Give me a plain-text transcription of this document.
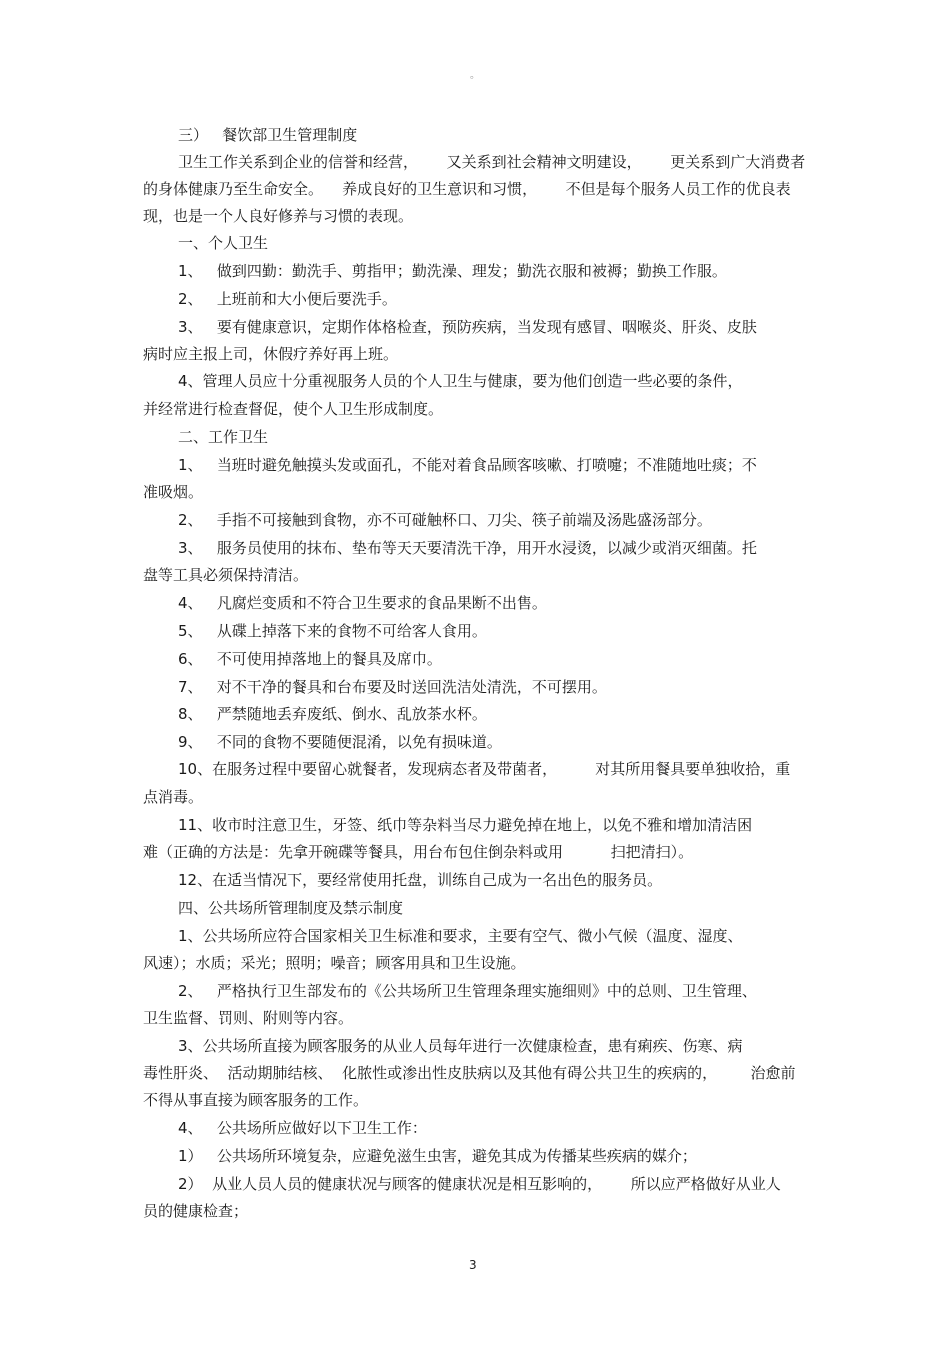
。
三）   餐饮部卫生管理制度
卫生工作关系到企业的信誉和经营，      又关系到社会精神文明建设，      更关系到广大消费者
的身体健康乃至生命安全。    养成良好的卫生意识和习惯，      不但是每个服务人员工作的优良表
现，也是一个人良好修养与习惯的表现。
一、个人卫生
1、   做到四勤：勤洗手、剪指甲；勤洗澡、理发；勤洗衣服和被褥；勤换工作服。
2、   上班前和大小便后要洗手。
3、   要有健康意识，定期作体格检查，预防疾病，当发现有感冒、咽喉炎、肝炎、皮肤
病时应主报上司，休假疗养好再上班。
4、管理人员应十分重视服务人员的个人卫生与健康，要为他们创造一些必要的条件，
并经常进行检查督促，使个人卫生形成制度。
二、工作卫生
1、   当班时避免触摸头发或面孔，不能对着食品顾客咳嗽、打喷嚏；不准随地吐痰；不
准吸烟。
2、   手指不可接触到食物，亦不可碰触杯口、刀尖、筷子前端及汤匙盛汤部分。
3、   服务员使用的抹布、垫布等天天要清洗干净，用开水浸烫，以减少或消灭细菌。托
盘等工具必须保持清洁。
4、   凡腐烂变质和不符合卫生要求的食品果断不出售。
5、   从碟上掉落下来的食物不可给客人食用。
6、   不可使用掉落地上的餐具及席巾。
7、   对不干净的餐具和台布要及时送回洗洁处清洗，不可摆用。
8、   严禁随地丢弃废纸、倒水、乱放茶水杯。
9、   不同的食物不要随便混淆，以免有损味道。
10、在服务过程中要留心就餐者，发现病态者及带菌者，        对其所用餐具要单独收拾，重
点消毒。
11、收市时注意卫生，牙签、纸巾等杂料当尽力避免掉在地上，以免不雅和增加清洁困
难（正确的方法是：先拿开碗碟等餐具，用台布包住倒杂料或用          扫把清扫）。
12、在适当情况下，要经常使用托盘，训练自己成为一名出色的服务员。
四、公共场所管理制度及禁示制度
1、公共场所应符合国家相关卫生标准和要求，主要有空气、微小气候（温度、湿度、
风速）；水质；采光；照明；噪音；顾客用具和卫生设施。
2、   严格执行卫生部发布的《公共场所卫生管理条理实施细则》中的总则、卫生管理、
卫生监督、罚则、附则等内容。
3、公共场所直接为顾客服务的从业人员每年进行一次健康检查，患有痢疾、伤寒、病
毒性肝炎、  活动期肺结核、  化脓性或渗出性皮肤病以及其他有碍公共卫生的疾病的，       治愈前
不得从事直接为顾客服务的工作。
4、   公共场所应做好以下卫生工作：
1）   公共场所环境复杂，应避免滋生虫害，避免其成为传播某些疾病的媒介；
2）  从业人员人员的健康状况与顾客的健康状况是相互影响的，      所以应严格做好从业人
员的健康检查；
3
